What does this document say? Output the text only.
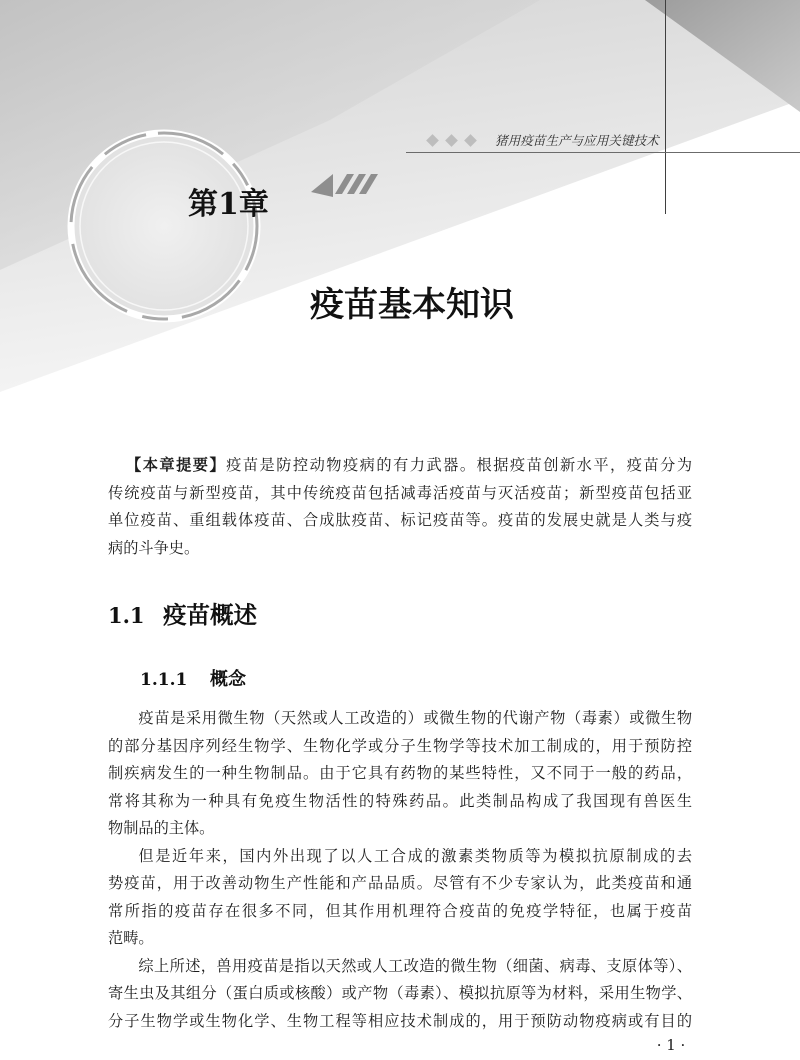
猪用疫苗生产与应用关键技术
第1章
疫苗基本知识
【本章提要】疫苗是防控动物疫病的有力武器。根据疫苗创新水平，疫苗分为
传统疫苗与新型疫苗，其中传统疫苗包括减毒活疫苗与灭活疫苗；新型疫苗包括亚
单位疫苗、重组载体疫苗、合成肽疫苗、标记疫苗等。疫苗的发展史就是人类与疫
病的斗争史。
1.1 疫苗概述
1.1.1 概念
疫苗是采用微生物（天然或人工改造的）或微生物的代谢产物（毒素）或微生物
的部分基因序列经生物学、生物化学或分子生物学等技术加工制成的，用于预防控
制疾病发生的一种生物制品。由于它具有药物的某些特性，又不同于一般的药品，
常将其称为一种具有免疫生物活性的特殊药品。此类制品构成了我国现有兽医生
物制品的主体。
但是近年来，国内外出现了以人工合成的激素类物质等为模拟抗原制成的去
势疫苗，用于改善动物生产性能和产品品质。尽管有不少专家认为，此类疫苗和通
常所指的疫苗存在很多不同，但其作用机理符合疫苗的免疫学特征，也属于疫苗
范畴。
综上所述，兽用疫苗是指以天然或人工改造的微生物（细菌、病毒、支原体等）、
寄生虫及其组分（蛋白质或核酸）或产物（毒素）、模拟抗原等为材料，采用生物学、
分子生物学或生物化学、生物工程等相应技术制成的，用于预防动物疫病或有目的
· 1 ·
